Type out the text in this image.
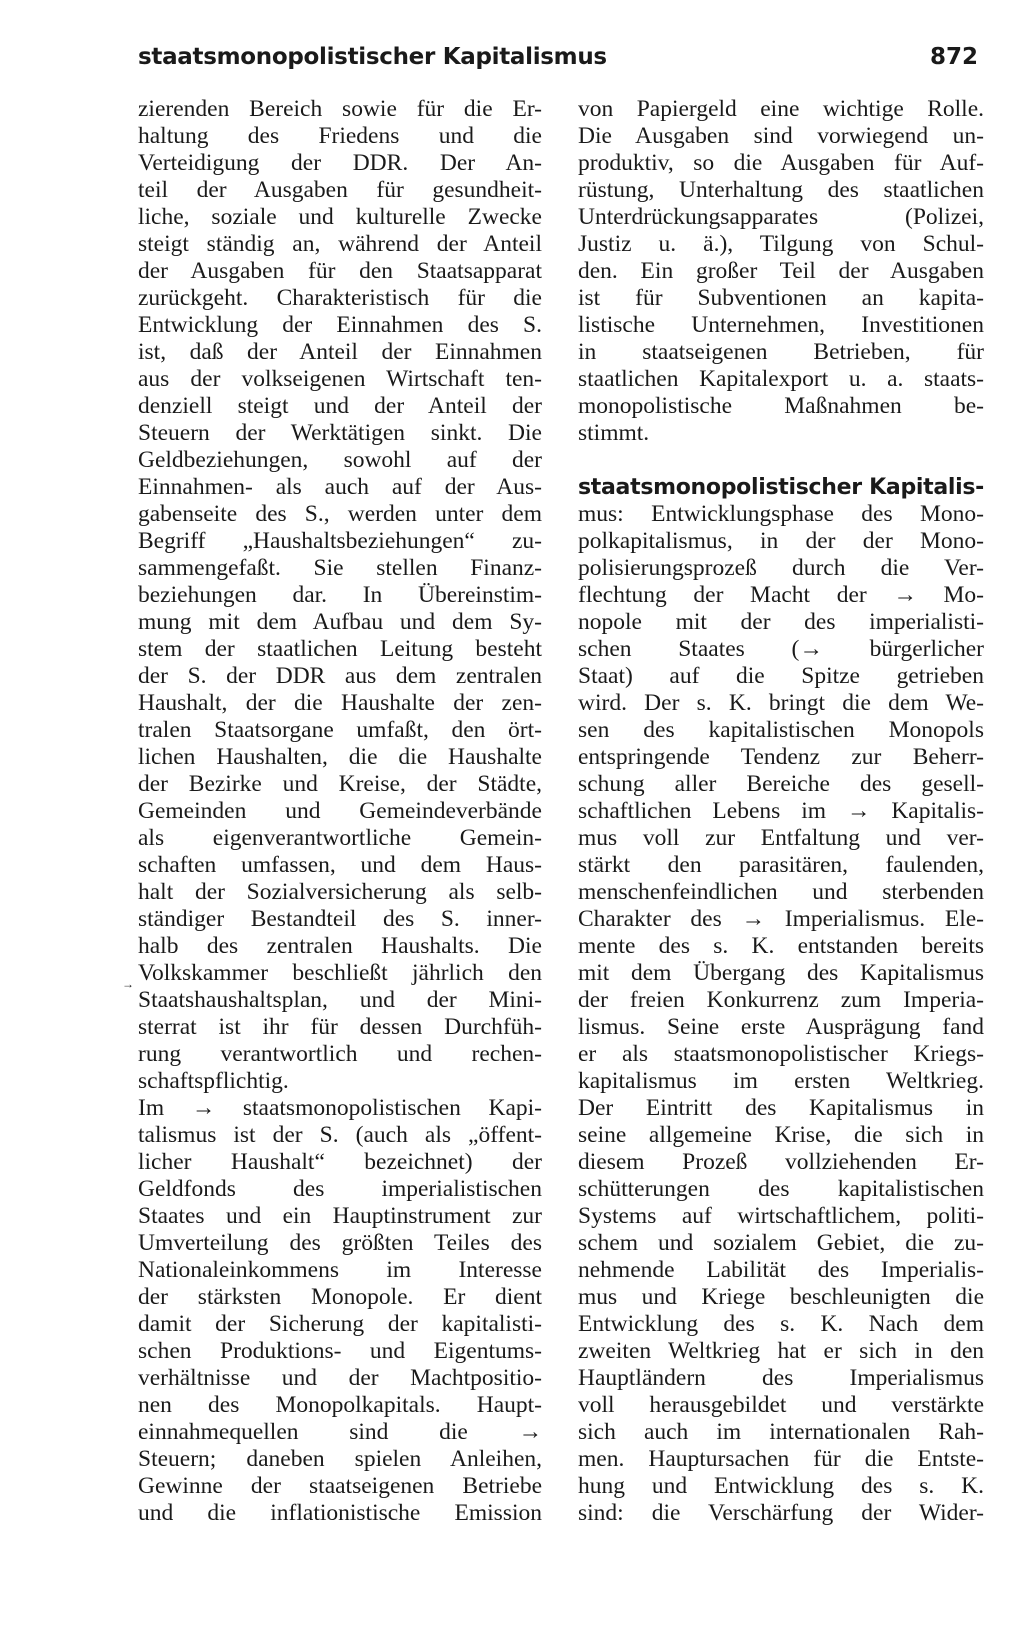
staatsmonopolistischer Kapitalismus	872
→
zierenden Bereich sowie für die Er-
haltung des Friedens und die
Verteidigung der DDR. Der An-
teil der Ausgaben für gesundheit-
liche, soziale und kulturelle Zwecke
steigt ständig an, während der Anteil
der Ausgaben für den Staatsapparat
zurückgeht. Charakteristisch für die
Entwicklung der Einnahmen des S.
ist, daß der Anteil der Einnahmen
aus der volkseigenen Wirtschaft ten-
denziell steigt und der Anteil der
Steuern der Werktätigen sinkt. Die
Geldbeziehungen, sowohl auf der
Einnahmen- als auch auf der Aus-
gabenseite des S., werden unter dem
Begriff „Haushaltsbeziehungen“ zu-
sammengefaßt. Sie stellen Finanz-
beziehungen dar. In Übereinstim-
mung mit dem Aufbau und dem Sy-
stem der staatlichen Leitung besteht
der S. der DDR aus dem zentralen
Haushalt, der die Haushalte der zen-
tralen Staatsorgane umfaßt, den ört-
lichen Haushalten, die die Haushalte
der Bezirke und Kreise, der Städte,
Gemeinden und Gemeindeverbände
als eigenverantwortliche Gemein-
schaften umfassen, und dem Haus-
halt der Sozialversicherung als selb-
ständiger Bestandteil des S. inner-
halb des zentralen Haushalts. Die
Volkskammer beschließt jährlich den
Staatshaushaltsplan, und der Mini-
sterrat ist ihr für dessen Durchfüh-
rung verantwortlich und rechen-
schaftspflichtig.
Im → staatsmonopolistischen Kapi-
talismus ist der S. (auch als „öffent-
licher Haushalt“ bezeichnet) der
Geldfonds des imperialistischen
Staates und ein Hauptinstrument zur
Umverteilung des größten Teiles des
Nationaleinkommens im Interesse
der stärksten Monopole. Er dient
damit der Sicherung der kapitalisti-
schen Produktions- und Eigentums-
verhältnisse und der Machtpositio-
nen des Monopolkapitals. Haupt-
einnahmequellen sind die →
Steuern; daneben spielen Anleihen,
Gewinne der staatseigenen Betriebe
und die inflationistische Emission
von Papiergeld eine wichtige Rolle.
Die Ausgaben sind vorwiegend un-
produktiv, so die Ausgaben für Auf-
rüstung, Unterhaltung des staatlichen
Unterdrückungsapparates (Polizei,
Justiz u. ä.), Tilgung von Schul-
den. Ein großer Teil der Ausgaben
ist für Subventionen an kapita-
listische Unternehmen, Investitionen
in staatseigenen Betrieben, für
staatlichen Kapitalexport u. a. staats-
monopolistische Maßnahmen be-
stimmt.
staatsmonopolistischer Kapitalis-
mus: Entwicklungsphase des Mono-
polkapitalismus, in der der Mono-
polisierungsprozeß durch die Ver-
flechtung der Macht der → Mo-
nopole mit der des imperialisti-
schen Staates (→ bürgerlicher
Staat) auf die Spitze getrieben
wird. Der s. K. bringt die dem We-
sen des kapitalistischen Monopols
entspringende Tendenz zur Beherr-
schung aller Bereiche des gesell-
schaftlichen Lebens im → Kapitalis-
mus voll zur Entfaltung und ver-
stärkt den parasitären, faulenden,
menschenfeindlichen und sterbenden
Charakter des → Imperialismus. Ele-
mente des s. K. entstanden bereits
mit dem Übergang des Kapitalismus
der freien Konkurrenz zum Imperia-
lismus. Seine erste Ausprägung fand
er als staatsmonopolistischer Kriegs-
kapitalismus im ersten Weltkrieg.
Der Eintritt des Kapitalismus in
seine allgemeine Krise, die sich in
diesem Prozeß vollziehenden Er-
schütterungen des kapitalistischen
Systems auf wirtschaftlichem, politi-
schem und sozialem Gebiet, die zu-
nehmende Labilität des Imperialis-
mus und Kriege beschleunigten die
Entwicklung des s. K. Nach dem
zweiten Weltkrieg hat er sich in den
Hauptländern des Imperialismus
voll herausgebildet und verstärkte
sich auch im internationalen Rah-
men. Hauptursachen für die Entste-
hung und Entwicklung des s. K.
sind: die Verschärfung der Wider-
